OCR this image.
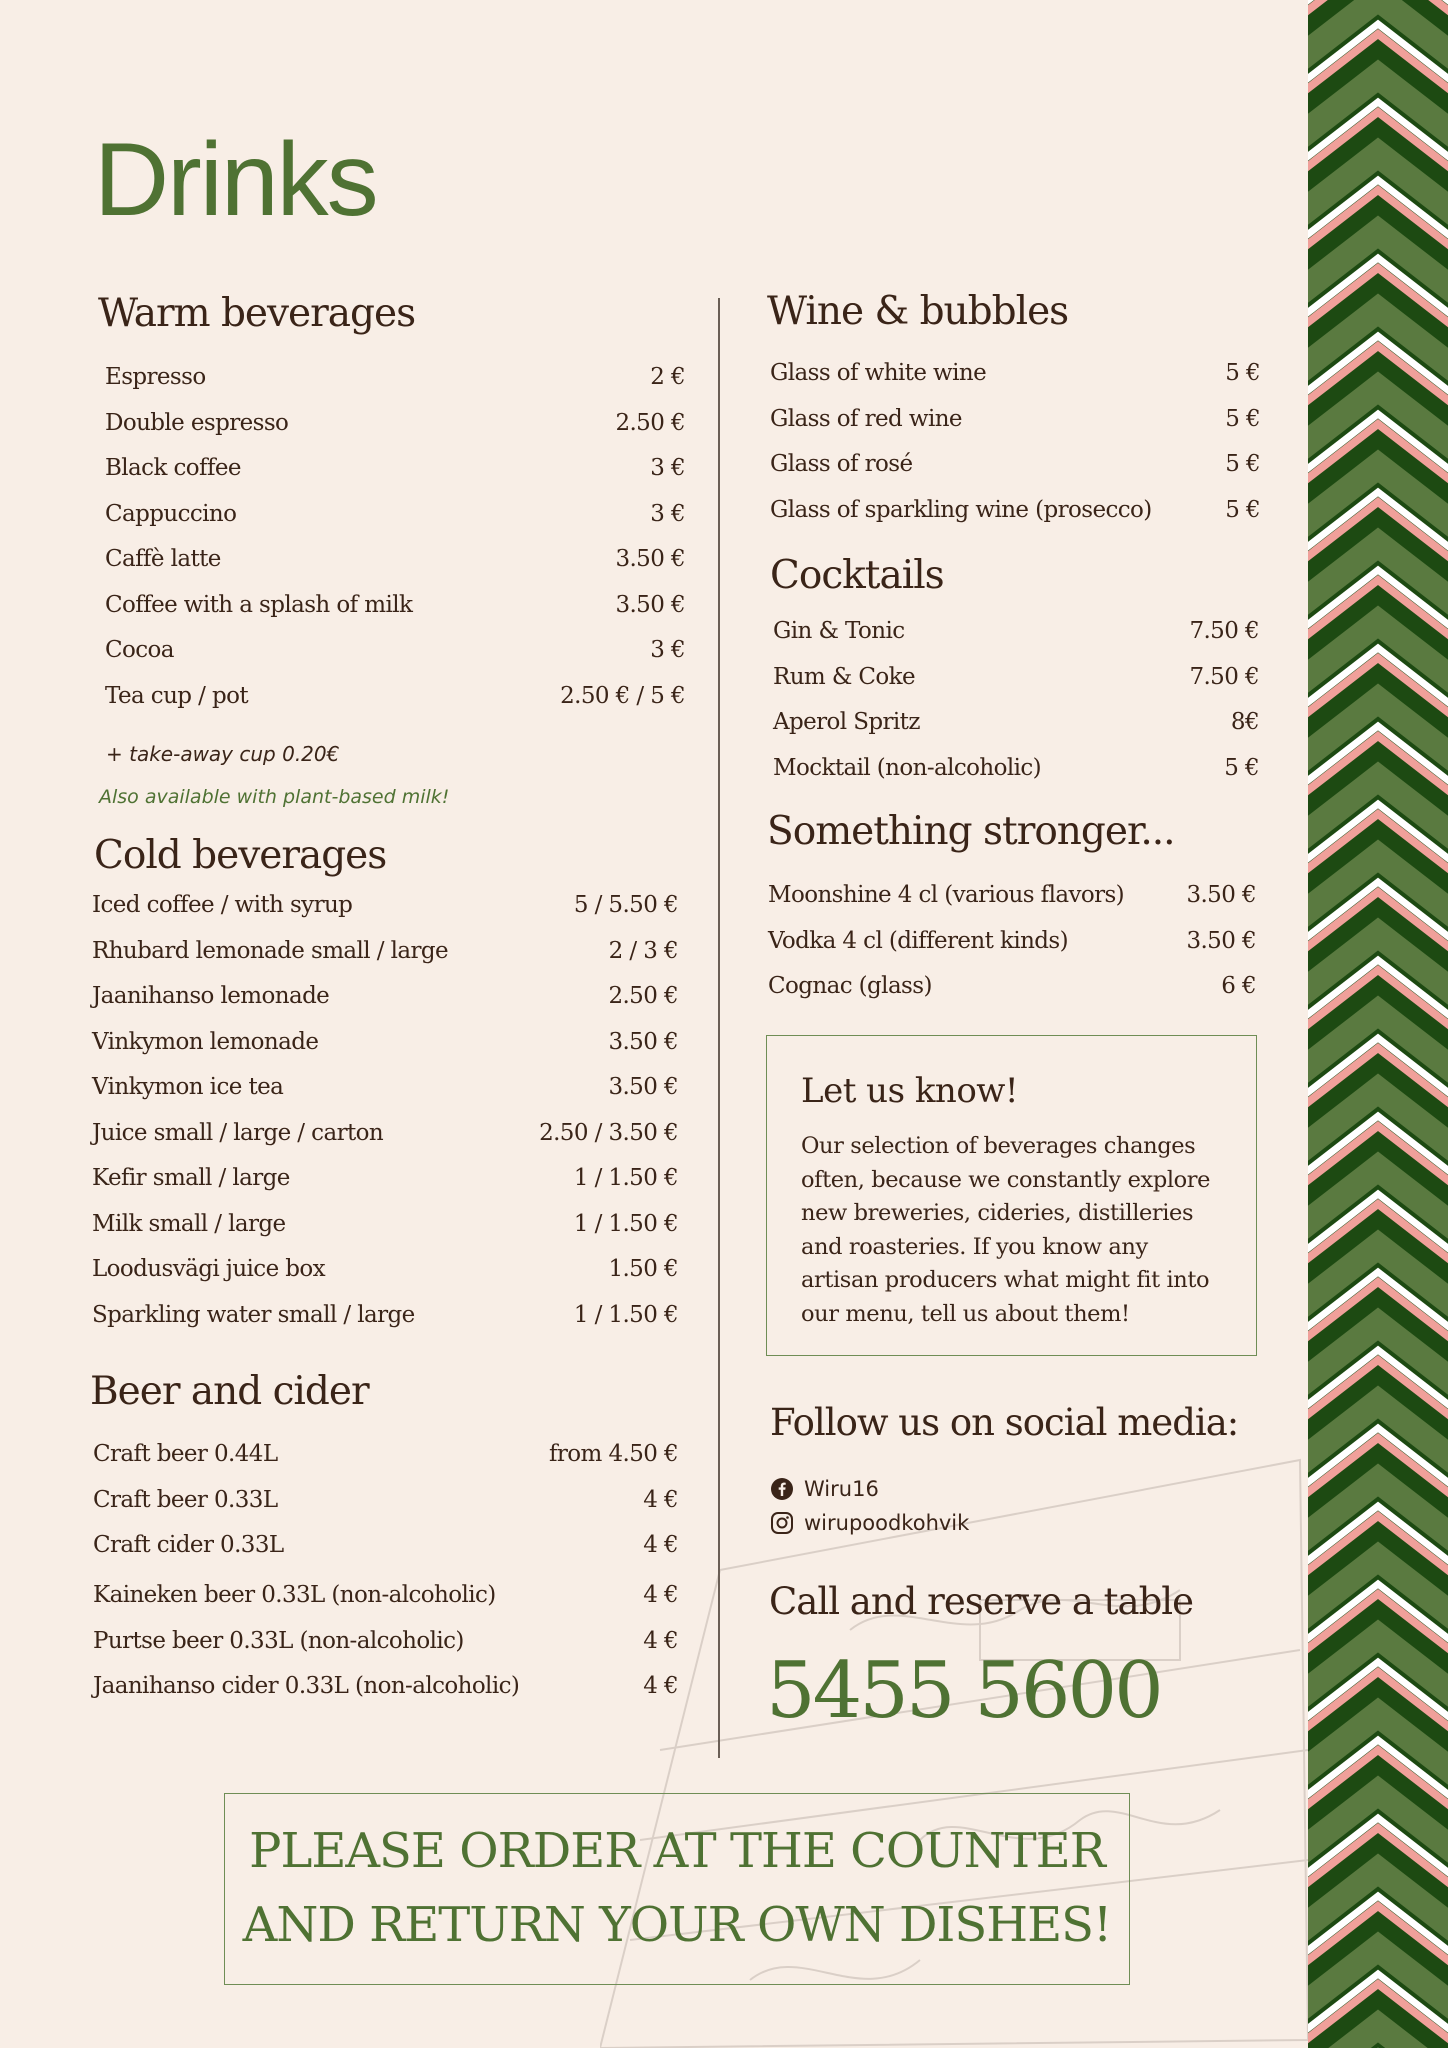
Drinks
Warm beverages
Espresso	2 €
Double espresso	2.50 €
Black coffee	3 €
Cappuccino	3 €
Caffè latte	3.50 €
Coffee with a splash of milk	3.50 €
Cocoa	3 €
Tea cup / pot	2.50 € / 5 €
+ take-away cup 0.20€
Also available with plant-based milk!
Cold beverages
Iced coffee / with syrup	5 / 5.50 €
Rhubard lemonade small / large	2 / 3 €
Jaanihanso lemonade	2.50 €
Vinkymon lemonade	3.50 €
Vinkymon ice tea	3.50 €
Juice small / large / carton	2.50 / 3.50 €
Kefir small / large	1 / 1.50 €
Milk small / large	1 / 1.50 €
Loodusvägi juice box	1.50 €
Sparkling water small / large	1 / 1.50 €
Beer and cider
Craft beer 0.44L	from 4.50 €
Craft beer 0.33L	4 €
Craft cider 0.33L	4 €
Kaineken beer 0.33L (non-alcoholic)	4 €
Purtse beer 0.33L (non-alcoholic)	4 €
Jaanihanso cider 0.33L (non-alcoholic)	4 €
Wine & bubbles
Glass of white wine	5 €
Glass of red wine	5 €
Glass of rosé	5 €
Glass of sparkling wine (prosecco)	5 €
Cocktails
Gin & Tonic	7.50 €
Rum & Coke	7.50 €
Aperol Spritz	8€
Mocktail (non-alcoholic)	5 €
Something stronger...
Moonshine 4 cl (various flavors)	3.50 €
Vodka 4 cl (different kinds)	3.50 €
Cognac (glass)	6 €
Let us know!
Our selection of beverages changes often, because we constantly explore new breweries, cideries, distilleries and roasteries. If you know any artisan producers what might fit into our menu, tell us about them!
Follow us on social media:
Wiru16
wirupoodkohvik
Call and reserve a table
5455 5600
PLEASE ORDER AT THE COUNTER
AND RETURN YOUR OWN DISHES!
